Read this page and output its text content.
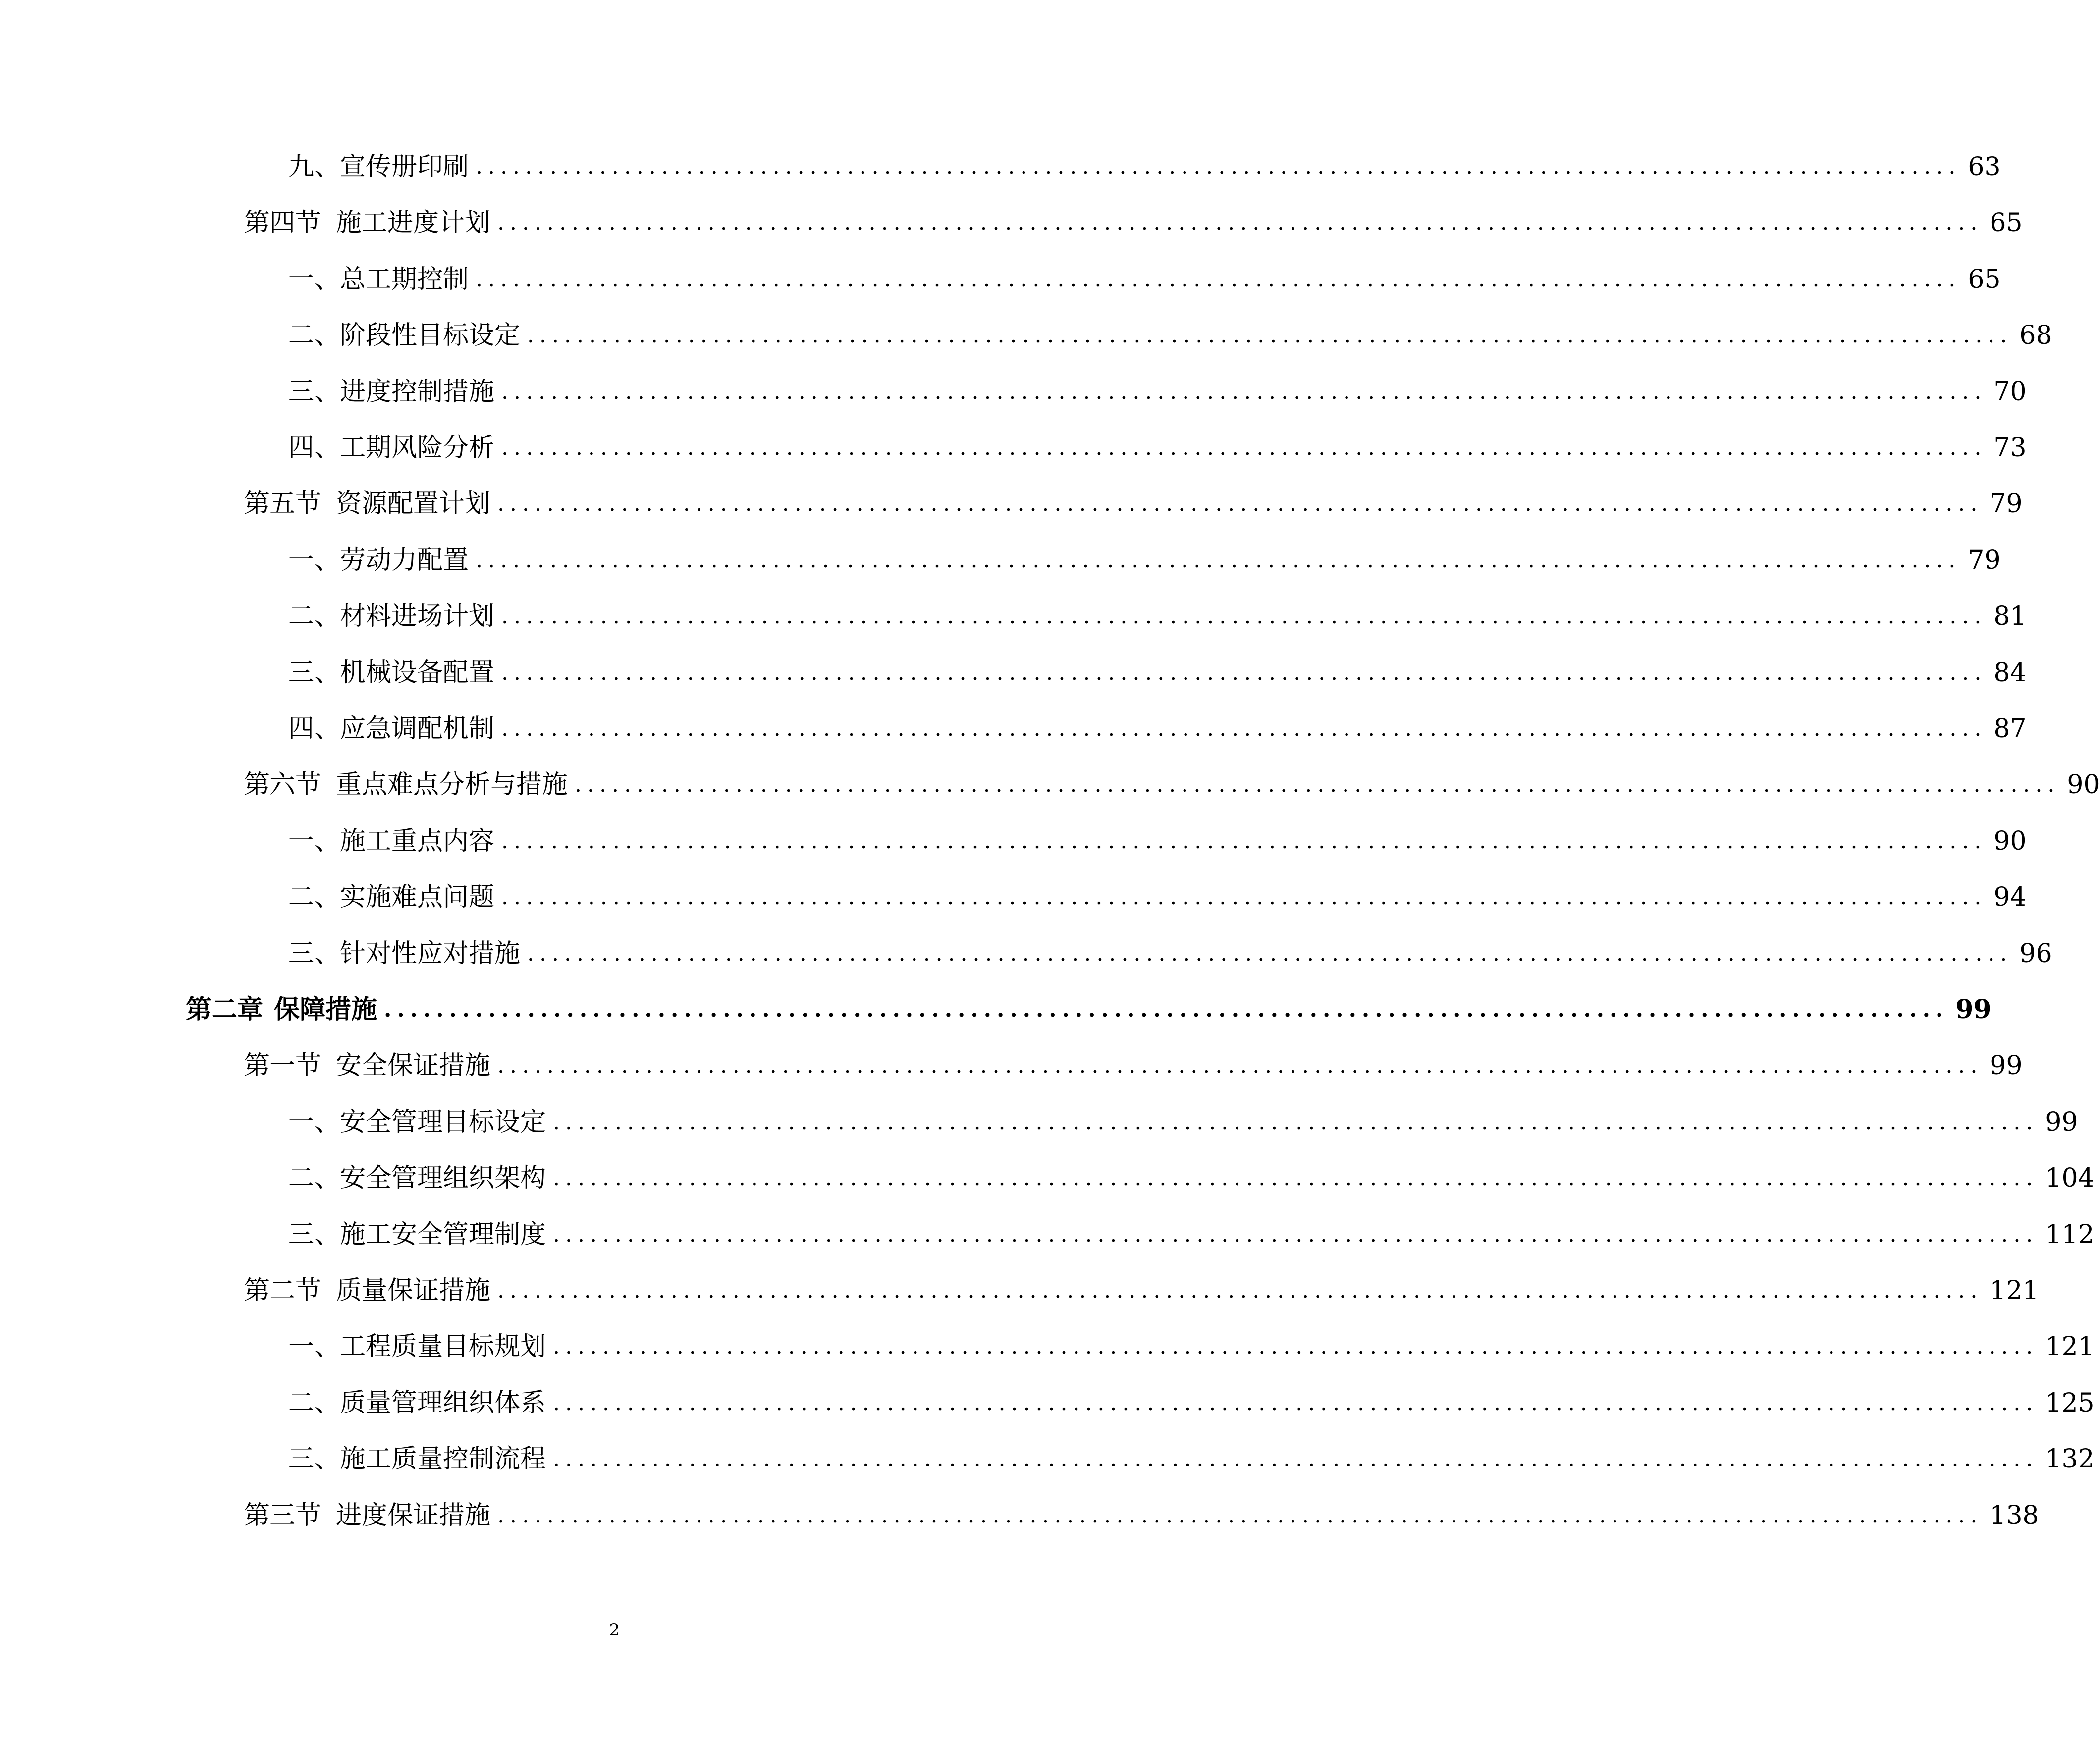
九、 宣传册印刷 ........................................................................................................................ 63
第四节 施工进度计划 ........................................................................................................................ 65
一、 总工期控制 ........................................................................................................................ 65
二、 阶段性目标设定 ........................................................................................................................ 68
三、 进度控制措施 ........................................................................................................................ 70
四、 工期风险分析 ........................................................................................................................ 73
第五节 资源配置计划 ........................................................................................................................ 79
一、 劳动力配置 ........................................................................................................................ 79
二、 材料进场计划 ........................................................................................................................ 81
三、 机械设备配置 ........................................................................................................................ 84
四、 应急调配机制 ........................................................................................................................ 87
第六节 重点难点分析与措施 ........................................................................................................................ 90
一、 施工重点内容 ........................................................................................................................ 90
二、 实施难点问题 ........................................................................................................................ 94
三、 针对性应对措施 ........................................................................................................................ 96
第二章 保障措施 ........................................................................................................................ 99
第一节 安全保证措施 ........................................................................................................................ 99
一、 安全管理目标设定 ........................................................................................................................ 99
二、 安全管理组织架构 ........................................................................................................................ 104
三、 施工安全管理制度 ........................................................................................................................ 112
第二节 质量保证措施 ........................................................................................................................ 121
一、 工程质量目标规划 ........................................................................................................................ 121
二、 质量管理组织体系 ........................................................................................................................ 125
三、 施工质量控制流程 ........................................................................................................................ 132
第三节 进度保证措施 ........................................................................................................................ 138
2
